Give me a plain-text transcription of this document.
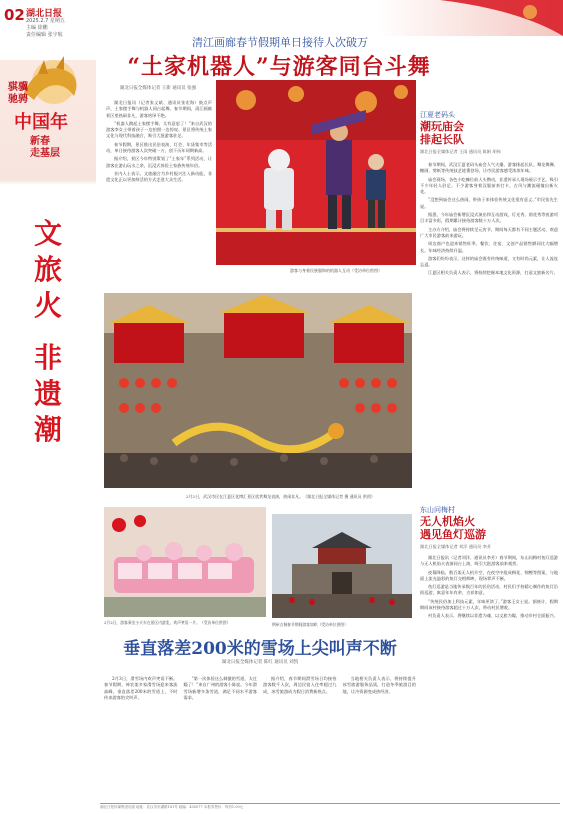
02 湖北日报
2025.2.7 星期五
主编 徐鹏
责任编辑 张宇航
骐骥
驰骋
中国年
新春
走基层
文
旅
火
非
遗
潮
清江画廊春节假期单日接待人次破万
“土家机器人”与游客同台斗舞
湖北日报全媒体记者 王新 通讯员 张强

湖北日报讯（记者张义斌、通讯员张宏海）鼓点声声，土家摆手舞与机器人同台起舞。春节期间，清江画廊景区里热闹非凡，游客络绎不绝。

“机器人跳起土家摆手舞，太有意思了！”来自武汉的游客李女士带着孩子一边拍照一边惊叹。景区将传统土家文化与现代科技融合，吸引大批游客驻足。

春节假期，景区推出民俗表演、灯会、年货集市等活动，单日接待游客人次突破一万，创下历年同期新高。

据介绍，景区今年特别策划了“土家年”系列活动，让游客在游山玩水之余，沉浸式体验土家族传统年俗。

业内人士表示，文旅融合为乡村振兴注入新动能，非遗文化正以更加鲜活的方式走进大众生活。

游客与身着民族服饰的机器人互动（受访单位供图）
江夏老码头
潮玩庙会
排起长队
湖北日报全媒体记者 王雨 通讯员 陈娟 胡伟

春节期间，武汉江夏老码头庙会人气火爆，游客排起长队。舞龙舞狮、糖画、剪纸等传统技艺轮番登场，让市民游客感受浓浓年味。

庙会现场，各色小吃摊位前人头攒动，非遗传承人现场展示手艺，吸引不少年轻人驻足。不少游客身着汉服前来打卡，古风与潮流碰撞出新火花。

“没想到庙会这么热闹，带孩子来体验传统文化很有意义。”市民张先生说。

据悉，今年庙会新增沉浸式演出和互动游戏，灯光秀、烟花秀等夜游项目丰富多彩，假期累计接待游客数十万人次。

主办方介绍，庙会将持续至元宵节，期间每天都有不同主题活动，欢迎广大市民游客前来游玩。

周边商户也迎来销售旺季，餐饮、住宿、文创产品销售额同比大幅增长，年味经济持续升温。

游客们纷纷表示，这样的庙会既有传统味道，又有时尚元素，让人流连忘返。

江夏区相关负责人表示，将持续挖掘本地文化资源，打造文旅新名片。

2月2日，武汉市民在江夏区花博汇景区欣赏舞龙表演，热闹非凡。（湖北日报全媒体记者 摄 通讯员 供图）
东山问梅村
无人机焰火
遇见鱼灯巡游
湖北日报全媒体记者 刘洋 通讯员 李芳

湖北日报讯（记者刘洋、通讯员李芳）春节期间，东山问梅村鱼灯巡游与无人机焰火表演同台上演，吸引大批游客前来观赏。

夜幕降临，数百架无人机升空，在夜空中组成梅花、锦鲤等图案，与地面上流光溢彩的鱼灯交相辉映，现场掌声不断。

鱼灯巡游是当地传承数百年的民俗活动，村民们手持精心制作的鱼灯沿街巡游，寓意年年有余、吉祥如意。

“传统民俗加上科技元素，年味更浓了。”游客王女士说。据统计，假期期间该村接待游客超过十万人次，带动村民增收。

村负责人表示，将继续以非遗为魂、以文旅为媒，推动乡村全面振兴。

2月2日，游客乘坐小火车在景区内游览，欢声笑语一片。（受访单位供图）	荆州古城春节期间游客如织（受访单位供图）
垂直落差200米的雪场上尖叫声不断
湖北日报全媒体记者 陈红 通讯员 刘凯

2月3日，滑雪场内欢声笑语不断。春节假期，神农架多家滑雪场迎来客流高峰，垂直落差200米的雪道上，不时传来游客的尖叫声。

“第一次体验这么刺激的雪道，太过瘾了！”来自广州的游客小陈说。今年滑雪场新增多条雪道，满足不同水平游客需求。

据介绍，春节期间滑雪场日均接待游客数千人次，周边民宿入住率超过九成，冰雪旅游成为假日消费新热点。

当地相关负责人表示，将持续提升冰雪旅游服务品质，打造冬季旅游目的地，让冷资源变成热经济。

湖北日报传媒集团出版 地址：武汉市东湖路181号 邮编：430077 本报零售价：每份1.00元
